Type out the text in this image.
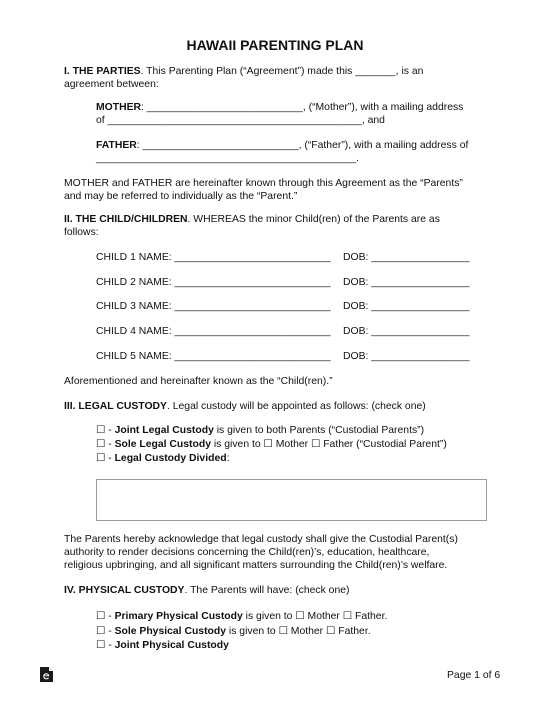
HAWAII PARENTING PLAN
I. THE PARTIES. This Parenting Plan (“Agreement”) made this _______, is an
agreement between:
MOTHER: ___________________________, (“Mother”), with a mailing address
of ____________________________________________, and
FATHER: ___________________________, (“Father”), with a mailing address of
_____________________________________________.
MOTHER and FATHER are hereinafter known through this Agreement as the “Parents”
and may be referred to individually as the “Parent.”
II. THE CHILD/CHILDREN. WHEREAS the minor Child(ren) of the Parents are as
follows:
CHILD 1 NAME: ___________________________ DOB: _________________
CHILD 2 NAME: ___________________________ DOB: _________________
CHILD 3 NAME: ___________________________ DOB: _________________
CHILD 4 NAME: ___________________________ DOB: _________________
CHILD 5 NAME: ___________________________ DOB: _________________
Aforementioned and hereinafter known as the “Child(ren).”
III. LEGAL CUSTODY. Legal custody will be appointed as follows: (check one)
☐ - Joint Legal Custody is given to both Parents (“Custodial Parents”)
☐ - Sole Legal Custody is given to ☐ Mother ☐ Father (“Custodial Parent”)
☐ - Legal Custody Divided:
The Parents hereby acknowledge that legal custody shall give the Custodial Parent(s)
authority to render decisions concerning the Child(ren)’s, education, healthcare,
religious upbringing, and all significant matters surrounding the Child(ren)’s welfare.
IV. PHYSICAL CUSTODY. The Parents will have: (check one)
☐ - Primary Physical Custody is given to ☐ Mother ☐ Father.
☐ - Sole Physical Custody is given to ☐ Mother ☐ Father.
☐ - Joint Physical Custody
Page 1 of 6
